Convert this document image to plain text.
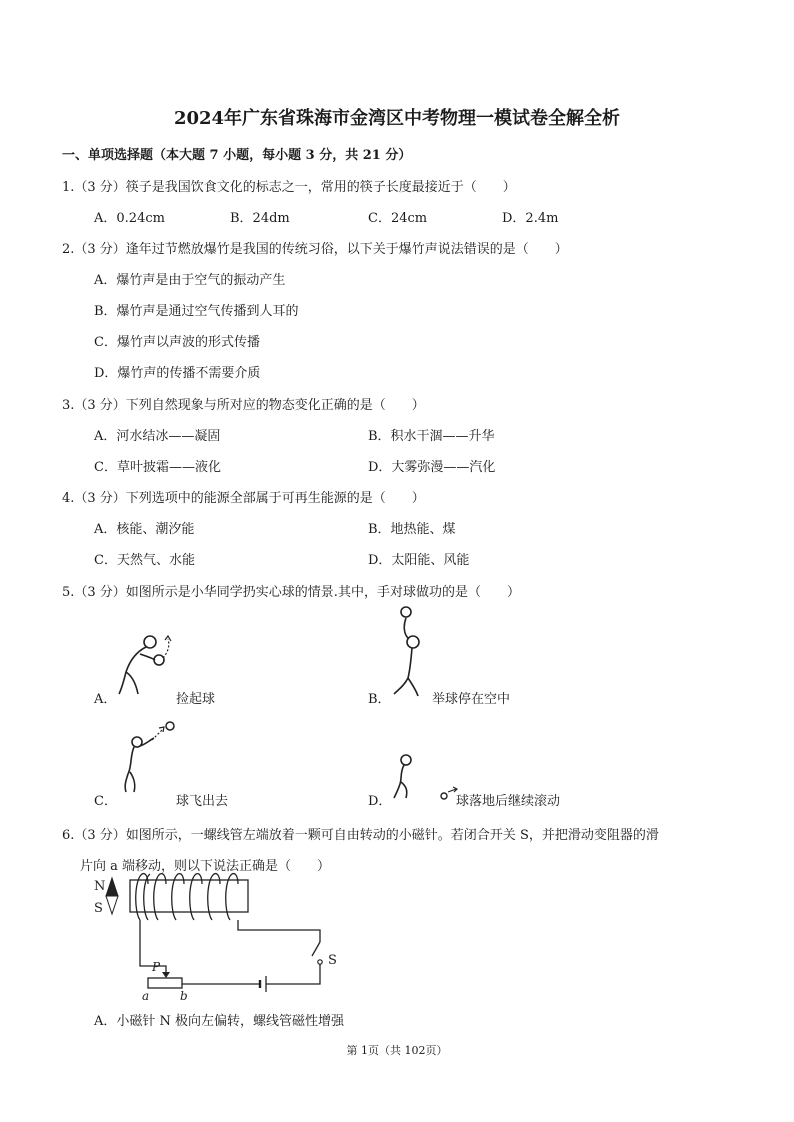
2024年广东省珠海市金湾区中考物理一模试卷全解全析
一、单项选择题（本大题 7 小题，每小题 3 分，共 21 分）
1.（3 分）筷子是我国饮食文化的标志之一，常用的筷子长度最接近于（　　）
A．0.24cm	B．24dm	C．24cm	D．2.4m
2.（3 分）逢年过节燃放爆竹是我国的传统习俗，以下关于爆竹声说法错误的是（　　）
A．爆竹声是由于空气的振动产生
B．爆竹声是通过空气传播到人耳的
C．爆竹声以声波的形式传播
D．爆竹声的传播不需要介质
3.（3 分）下列自然现象与所对应的物态变化正确的是（　　）
A．河水结冰——凝固	B．积水干涸——升华
C．草叶披霜——液化	D．大雾弥漫——汽化
4.（3 分）下列选项中的能源全部属于可再生能源的是（　　）
A．核能、潮汐能	B．地热能、煤
C．天然气、水能	D．太阳能、风能
5.（3 分）如图所示是小华同学扔实心球的情景.其中，手对球做功的是（　　）
A．	捡起球	B．	举球停在空中
C．	球飞出去	D．	球落地后继续滚动
6.（3 分）如图所示，一螺线管左端放着一颗可自由转动的小磁针。若闭合开关 S，并把滑动变阻器的滑
片向 a 端移动，则以下说法正确是（　　）
N
S
S
P
a	b
A．小磁针 N 极向左偏转，螺线管磁性增强
第 1页（共 102页）
